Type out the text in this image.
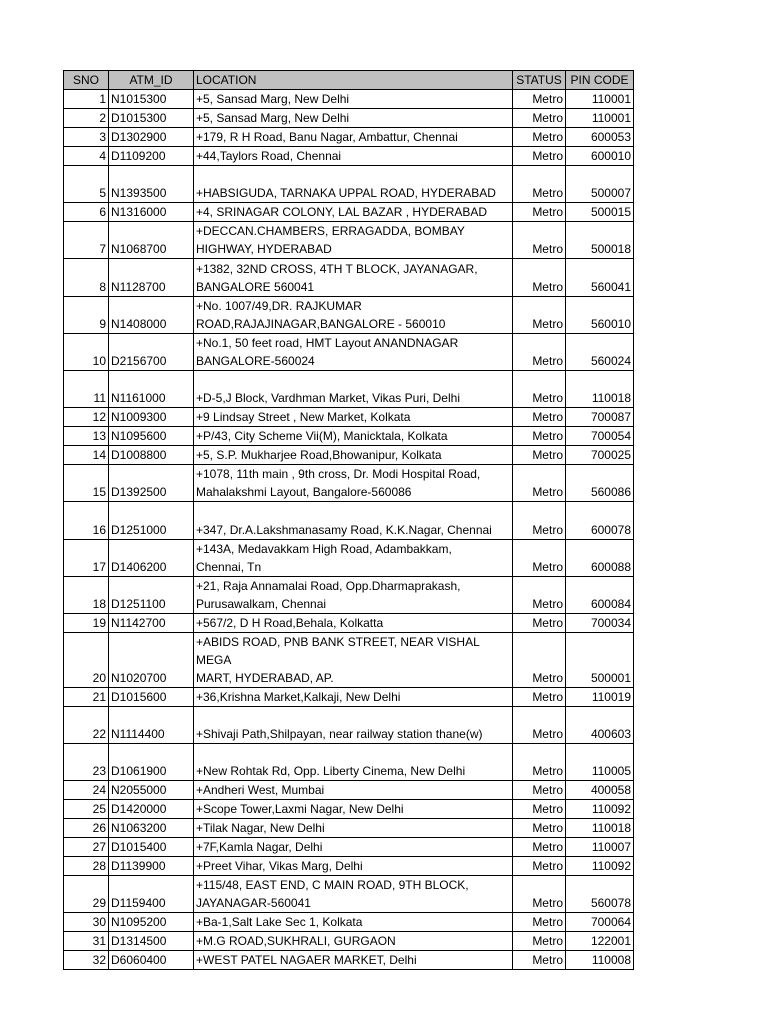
SNO	ATM_ID	LOCATION	STATUS	PIN CODE
1	N1015300	+5, Sansad Marg, New Delhi	Metro	110001
2	D1015300	+5, Sansad Marg, New Delhi	Metro	110001
3	D1302900	+179, R H Road, Banu Nagar, Ambattur, Chennai	Metro	600053
4	D1109200	+44,Taylors Road, Chennai	Metro	600010
5	N1393500	+HABSIGUDA, TARNAKA UPPAL ROAD, HYDERABAD	Metro	500007
6	N1316000	+4, SRINAGAR COLONY, LAL BAZAR , HYDERABAD	Metro	500015
7	N1068700	+DECCAN.CHAMBERS, ERRAGADDA, BOMBAY
HIGHWAY, HYDERABAD	Metro	500018
8	N1128700	+1382, 32ND CROSS, 4TH T BLOCK, JAYANAGAR,
BANGALORE 560041	Metro	560041
9	N1408000	+No. 1007/49,DR. RAJKUMAR
ROAD,RAJAJINAGAR,BANGALORE - 560010	Metro	560010
10	D2156700	+No.1, 50 feet road, HMT Layout ANANDNAGAR
BANGALORE-560024	Metro	560024
11	N1161000	+D-5,J Block, Vardhman Market, Vikas Puri, Delhi	Metro	110018
12	N1009300	+9 Lindsay Street , New Market, Kolkata	Metro	700087
13	N1095600	+P/43, City Scheme Vii(M), Manicktala, Kolkata	Metro	700054
14	D1008800	+5, S.P. Mukharjee Road,Bhowanipur, Kolkata	Metro	700025
15	D1392500	+1078, 11th main , 9th cross, Dr. Modi Hospital Road,
Mahalakshmi Layout, Bangalore-560086	Metro	560086
16	D1251000	+347, Dr.A.Lakshmanasamy Road, K.K.Nagar, Chennai	Metro	600078
17	D1406200	+143A, Medavakkam High Road, Adambakkam,
Chennai, Tn	Metro	600088
18	D1251100	+21, Raja Annamalai Road, Opp.Dharmaprakash,
Purusawalkam, Chennai	Metro	600084
19	N1142700	+567/2, D H Road,Behala, Kolkatta	Metro	700034
20	N1020700	+ABIDS ROAD, PNB BANK STREET, NEAR VISHAL MEGA
MART, HYDERABAD, AP.	Metro	500001
21	D1015600	+36,Krishna Market,Kalkaji, New Delhi	Metro	110019
22	N1114400	+Shivaji Path,Shilpayan, near railway station thane(w)	Metro	400603
23	D1061900	+New Rohtak Rd, Opp. Liberty Cinema, New Delhi	Metro	110005
24	N2055000	+Andheri West, Mumbai	Metro	400058
25	D1420000	+Scope Tower,Laxmi Nagar, New Delhi	Metro	110092
26	N1063200	+Tilak Nagar, New Delhi	Metro	110018
27	D1015400	+7F,Kamla Nagar, Delhi	Metro	110007
28	D1139900	+Preet Vihar, Vikas Marg, Delhi	Metro	110092
29	D1159400	+115/48, EAST END, C MAIN ROAD, 9TH BLOCK,
JAYANAGAR-560041	Metro	560078
30	N1095200	+Ba-1,Salt Lake Sec 1, Kolkata	Metro	700064
31	D1314500	+M.G ROAD,SUKHRALI, GURGAON	Metro	122001
32	D6060400	+WEST PATEL NAGAER MARKET, Delhi	Metro	110008
